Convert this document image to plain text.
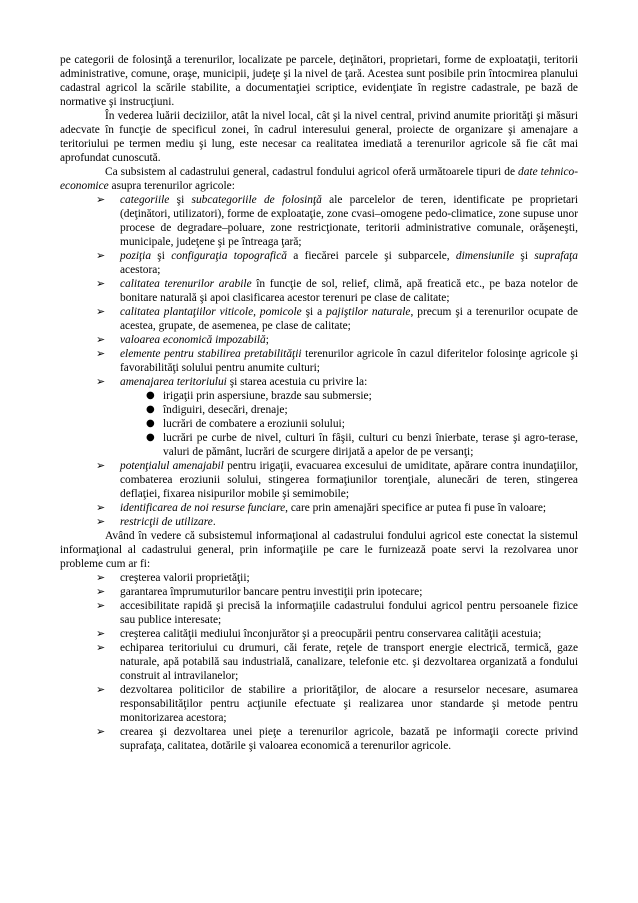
pe categorii de folosinţă a terenurilor, localizate pe parcele, deţinători, proprietari, forme de exploataţii, teritorii administrative, comune, oraşe, municipii, judeţe şi la nivel de ţară. Acestea sunt posibile prin întocmirea planului cadastral agricol la scările stabilite, a documentaţiei scriptice, evidenţiate în registre cadastrale, pe bază de normative şi instrucţiuni.

În vederea luării deciziilor, atât la nivel local, cât şi la nivel central, privind anumite priorităţi şi măsuri adecvate în funcţie de specificul zonei, în cadrul interesului general, proiecte de organizare şi amenajare a teritoriului pe termen mediu şi lung, este necesar ca realitatea imediată a terenurilor agricole să fie cât mai aprofundat cunoscută.

Ca subsistem al cadastrului general, cadastrul fondului agricol oferă următoarele tipuri de date tehnico-economice asupra terenurilor agricole:

➢	categoriile şi subcategoriile de folosinţă ale parcelelor de teren, identificate pe proprietari (deţinători, utilizatori), forme de exploataţie, zone cvasi–omogene pedo-climatice, zone supuse unor procese de degradare–poluare, zone restricţionate, teritorii administrative comunale, orăşeneşti, municipale, judeţene şi pe întreaga ţară;
➢	poziţia şi configuraţia topografică a fiecărei parcele şi subparcele, dimensiunile şi suprafaţa acestora;
➢	calitatea terenurilor arabile în funcţie de sol, relief, climă, apă freatică etc., pe baza notelor de bonitare naturală şi apoi clasificarea acestor terenuri pe clase de calitate;
➢	calitatea plantaţiilor viticole, pomicole şi a pajiştilor naturale, precum şi a terenurilor ocupate de acestea, grupate, de asemenea, pe clase de calitate;
➢	valoarea economică impozabilă;
➢	elemente pentru stabilirea pretabilităţii terenurilor agricole în cazul diferitelor folosinţe agricole şi favorabilităţi solului pentru anumite culturi;
➢	amenajarea teritoriului şi starea acestuia cu privire la:
● irigaţii prin aspersiune, brazde sau submersie;
● îndiguiri, desecări, drenaje;
● lucrări de combatere a eroziunii solului;
● lucrări pe curbe de nivel, culturi în fâşii, culturi cu benzi înierbate, terase şi agro-terase, valuri de pământ, lucrări de scurgere dirijată a apelor de pe versanţi;
➢	potenţialul amenajabil pentru irigaţii, evacuarea excesului de umiditate, apărare contra inundaţiilor, combaterea eroziunii solului, stingerea formaţiunilor torenţiale, alunecări de teren, stingerea deflaţiei, fixarea nisipurilor mobile şi semimobile;
➢	identificarea de noi resurse funciare, care prin amenajări specifice ar putea fi puse în valoare;
➢	restricţii de utilizare.

Având în vedere că subsistemul informaţional al cadastrului fondului agricol este conectat la sistemul informaţional al cadastrului general, prin informaţiile pe care le furnizează poate servi la rezolvarea unor probleme cum ar fi:

➢	creşterea valorii proprietăţii;
➢	garantarea împrumuturilor bancare pentru investiţii prin ipotecare;
➢	accesibilitate rapidă şi precisă la informaţiile cadastrului fondului agricol pentru persoanele fizice sau publice interesate;
➢	creşterea calităţii mediului înconjurător şi a preocupării pentru conservarea calităţii acestuia;
➢	echiparea teritoriului cu drumuri, căi ferate, reţele de transport energie electrică, termică, gaze naturale, apă potabilă sau industrială, canalizare, telefonie etc. şi dezvoltarea organizată a fondului construit al intravilanelor;
➢	dezvoltarea politicilor de stabilire a priorităţilor, de alocare a resurselor necesare, asumarea responsabilităţilor pentru acţiunile efectuate şi realizarea unor standarde şi metode pentru monitorizarea acestora;
➢	crearea şi dezvoltarea unei pieţe a terenurilor agricole, bazată pe informaţii corecte privind suprafaţa, calitatea, dotările şi valoarea economică a terenurilor agricole.
